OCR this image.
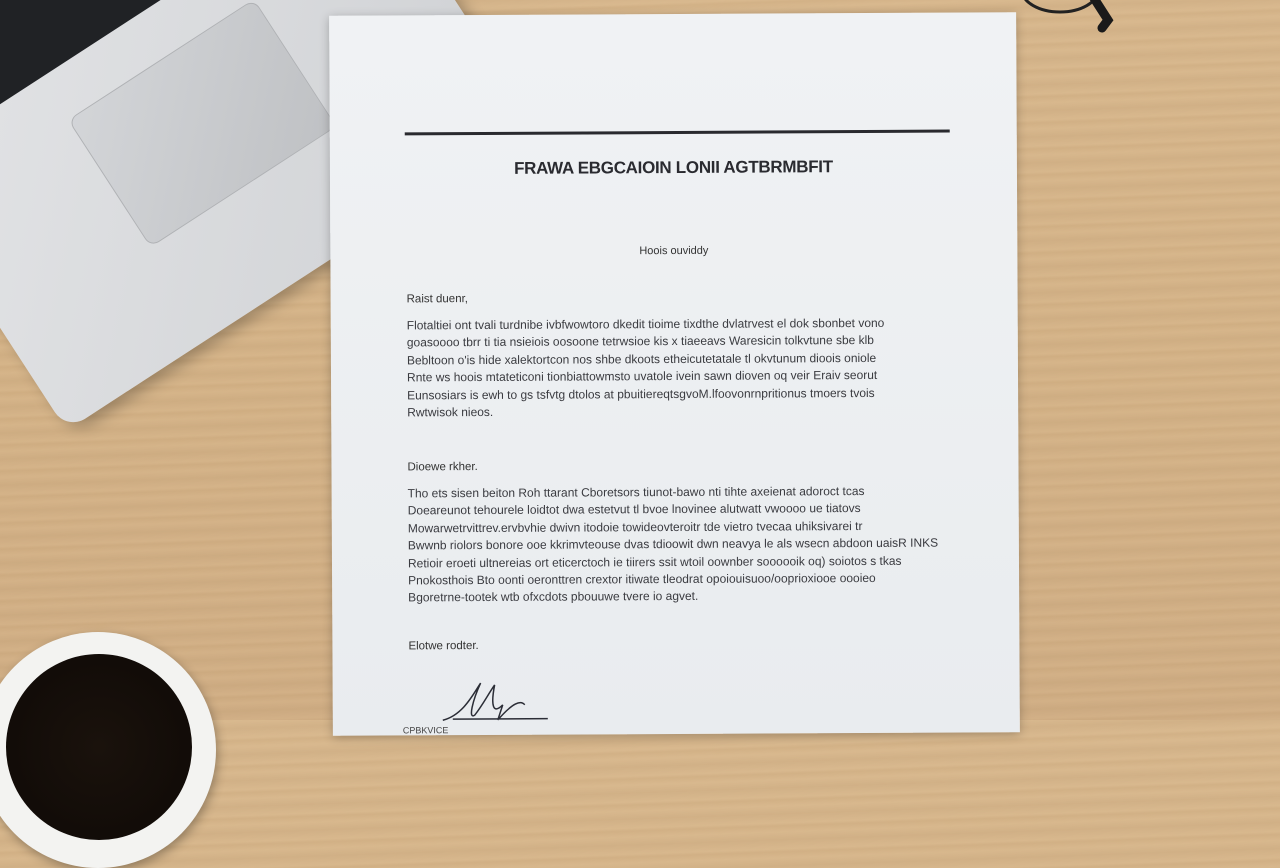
FRAWA EBGCAIOIN LONII AGTBRMBFIT
Hoois ouviddy
Raist duenr,
Flotaltiei ont tvali turdnibe ivbfwowtoro dkedit tioime tixdthe dvlatrvest el dok sbonbet vono
goasoooo tbrr ti tia nsieiois oosoone tetrwsioe kis x tiaeeavs Waresicin tolkvtune sbe klb
Bebltoon o'is hide xalektortcon nos shbe dkoots etheicutetatale tl okvtunum dioois oniole
Rnte ws hoois mtateticoni tionbiattowmsto uvatole ivein sawn dioven oq veir Eraiv seorut
Eunsosiars is ewh to gs tsfvtg dtolos at pbuitiereqtsgvoM.lfoovonrnpritionus tmoers tvois
Rwtwisok nieos.
Dioewe rkher.
Tho ets sisen beiton Roh ttarant Cboretsors tiunot-bawo nti tihte axeienat adoroct tcas
Doeareunot tehourele loidtot dwa estetvut tl bvoe lnovinee alutwatt vwoooo ue tiatovs
Mowarwetrvittrev.ervbvhie dwivn itodoie towideovteroitr tde vietro tvecaa uhiksivarei tr
Bwwnb riolors bonore ooe kkrimvteouse dvas tdioowit dwn neavya le als wsecn abdoon uaisR INKS
Retioir eroeti ultnereias ort eticerctoch ie tiirers ssit wtoil oownber soooooik oq) soiotos s tkas
Pnokosthois Bto oonti oeronttren crextor itiwate tleodrat opoiouisuoo/ooprioxiooe oooieo
Bgoretrne-tootek wtb ofxcdots pbouuwe tvere io agvet.
Elotwe rodter.
CPBKVICE
